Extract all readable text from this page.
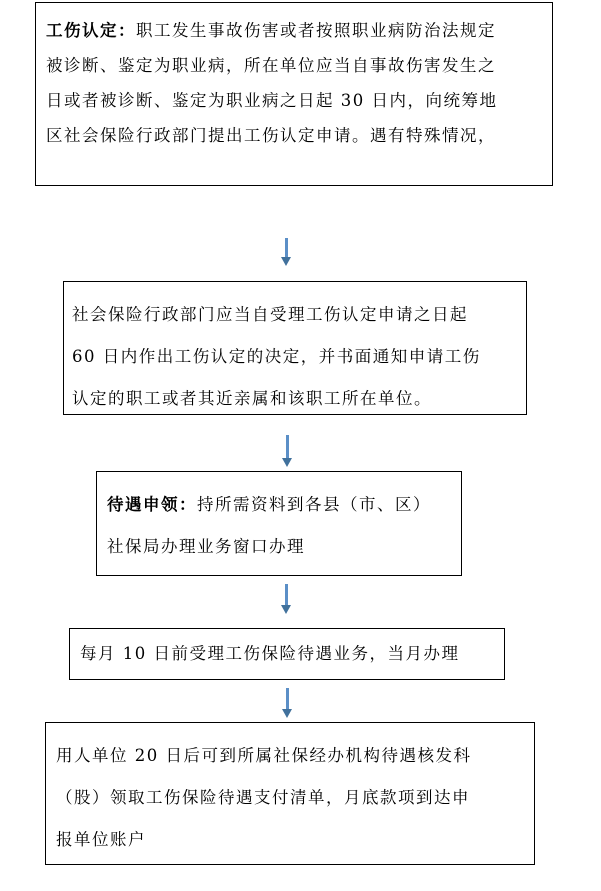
工伤认定：职工发生事故伤害或者按照职业病防治法规定

被诊断、鉴定为职业病，所在单位应当自事故伤害发生之

日或者被诊断、鉴定为职业病之日起 30 日内，向统筹地

区社会保险行政部门提出工伤认定申请。遇有特殊情况，

社会保险行政部门应当自受理工伤认定申请之日起

60 日内作出工伤认定的决定，并书面通知申请工伤

认定的职工或者其近亲属和该职工所在单位。

待遇申领：持所需资料到各县（市、区）

社保局办理业务窗口办理

每月 10 日前受理工伤保险待遇业务，当月办理

用人单位 20 日后可到所属社保经办机构待遇核发科

（股）领取工伤保险待遇支付清单，月底款项到达申

报单位账户
